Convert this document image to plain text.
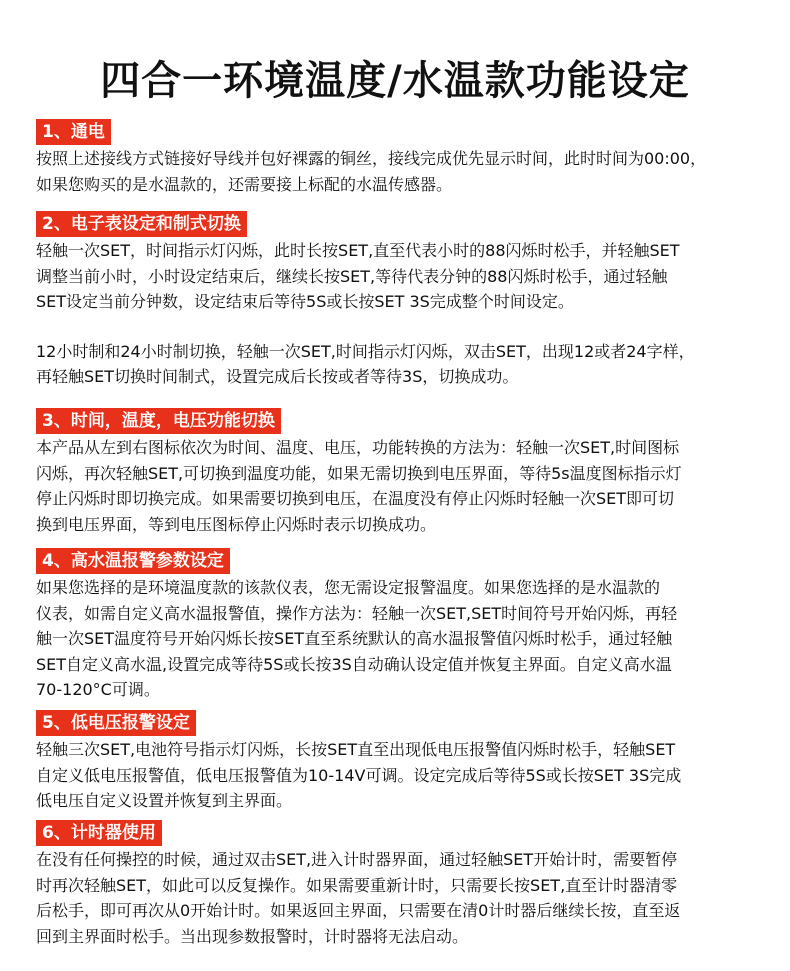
四合一环境温度/水温款功能设定
1、通电

按照上述接线方式链接好导线并包好裸露的铜丝，接线完成优先显示时间，此时时间为00:00，
如果您购买的是水温款的，还需要接上标配的水温传感器。

2、电子表设定和制式切换

轻触一次SET，时间指示灯闪烁，此时长按SET,直至代表小时的88闪烁时松手，并轻触SET
调整当前小时，小时设定结束后，继续长按SET,等待代表分钟的88闪烁时松手，通过轻触
SET设定当前分钟数，设定结束后等待5S或长按SET 3S完成整个时间设定。

12小时制和24小时制切换，轻触一次SET,时间指示灯闪烁，双击SET，出现12或者24字样，
再轻触SET切换时间制式，设置完成后长按或者等待3S，切换成功。

3、时间，温度，电压功能切换

本产品从左到右图标依次为时间、温度、电压，功能转换的方法为：轻触一次SET,时间图标
闪烁，再次轻触SET,可切换到温度功能，如果无需切换到电压界面，等待5s温度图标指示灯
停止闪烁时即切换完成。如果需要切换到电压，在温度没有停止闪烁时轻触一次SET即可切
换到电压界面，等到电压图标停止闪烁时表示切换成功。

4、高水温报警参数设定

如果您选择的是环境温度款的该款仪表，您无需设定报警温度。如果您选择的是水温款的
仪表，如需自定义高水温报警值，操作方法为：轻触一次SET,SET时间符号开始闪烁，再轻
触一次SET温度符号开始闪烁长按SET直至系统默认的高水温报警值闪烁时松手，通过轻触
SET自定义高水温,设置完成等待5S或长按3S自动确认设定值并恢复主界面。自定义高水温
70-120°C可调。

5、低电压报警设定

轻触三次SET,电池符号指示灯闪烁，长按SET直至出现低电压报警值闪烁时松手，轻触SET
自定义低电压报警值，低电压报警值为10-14V可调。设定完成后等待5S或长按SET 3S完成
低电压自定义设置并恢复到主界面。

6、计时器使用

在没有任何操控的时候，通过双击SET,进入计时器界面，通过轻触SET开始计时，需要暂停
时再次轻触SET，如此可以反复操作。如果需要重新计时，只需要长按SET,直至计时器清零
后松手，即可再次从0开始计时。如果返回主界面，只需要在清0计时器后继续长按，直至返
回到主界面时松手。当出现参数报警时，计时器将无法启动。
